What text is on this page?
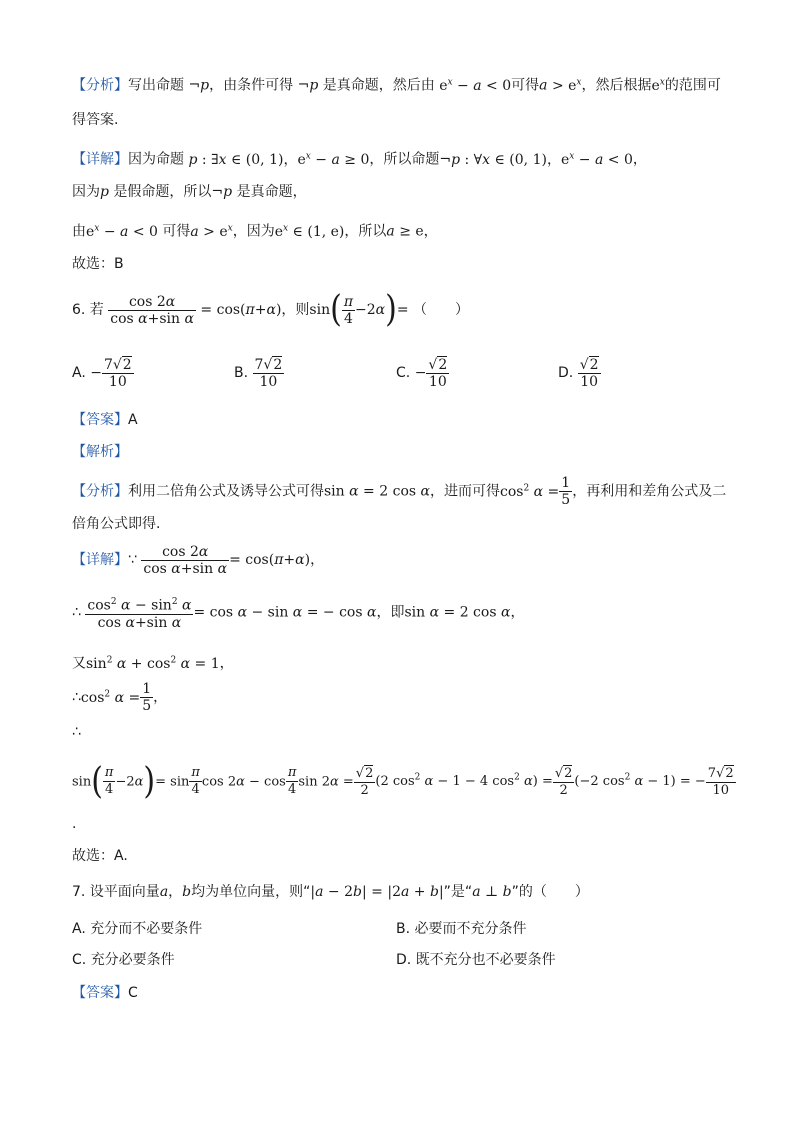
【分析】写出命题 ¬p，由条件可得 ¬p 是真命题，然后由 $e^x - a < 0$可得$a > e^x$，然后根据$e^x$的范围可
得答案.
【详解】因为命题 p : ∃x ∈ (0, 1)，$e^x - a \ge 0$，所以命题¬p : ∀x ∈ (0, 1)，$e^x - a < 0$，
因为p 是假命题，所以¬p 是真命题，
由$e^x - a < 0$ 可得$a > e^x$，因为$e^x$ ∈ (1, e)，所以a ≥ e，
故选：B
6. 若 $\frac{\cos 2\alpha}{\text{cos α+sin α}} = \cos(\pi+\alpha)$，则$\sin( \frac{\pi}{4} -2\alpha)=$ （　　）
A. − $\frac{7√2}{10}$	B. $\frac{7√2}{10}$	C. − $\frac{√2}{10}$	D. $\frac{√2}{10}$
【答案】A
【解析】
【分析】利用二倍角公式及诱导公式可得sin α = 2 cos α，进而可得$\cos^2 \alpha = \frac{1}{5}$ ，再利用和差角公式及二
倍角公式即得.
【详解】∵ $\frac{\cos 2\alpha}{\text{cos α+sin α}} = \cos(\pi+\alpha)$，
∴ $\frac{\cos^2 \alpha - \sin^2 \alpha}{\text{cos α+sin α}} = \cos \alpha - \sin \alpha$ = − cos α，即sin α = 2 cos α，
又$\sin^2 \alpha + \cos^2 \alpha = 1$，
$\therefore\cos^2$ $\alpha = \frac{1}{5}$ ，
∴
$\sin( \frac{\pi}{4} -2\alpha)= \sin \frac{\pi}{4}$ $\cos 2\alpha - \cos \frac{\pi}{4}$ $\sin 2\alpha = \frac{√2}{2} (2$ $\cos^2 \alpha - 1 - 4$ $\cos^2 \alpha) = \frac{√2}{2} (-2$ $\cos^2 \alpha - 1$) = − $\frac{7√2}{10}$
.
故选：A.
7. 设平面向量a，b均为单位向量，则“|a − 2b| = |2a + b|”是“a ⊥ b”的（　　）
A. 充分而不必要条件	B. 必要而不充分条件
C. 充分必要条件	D. 既不充分也不必要条件
【答案】C
